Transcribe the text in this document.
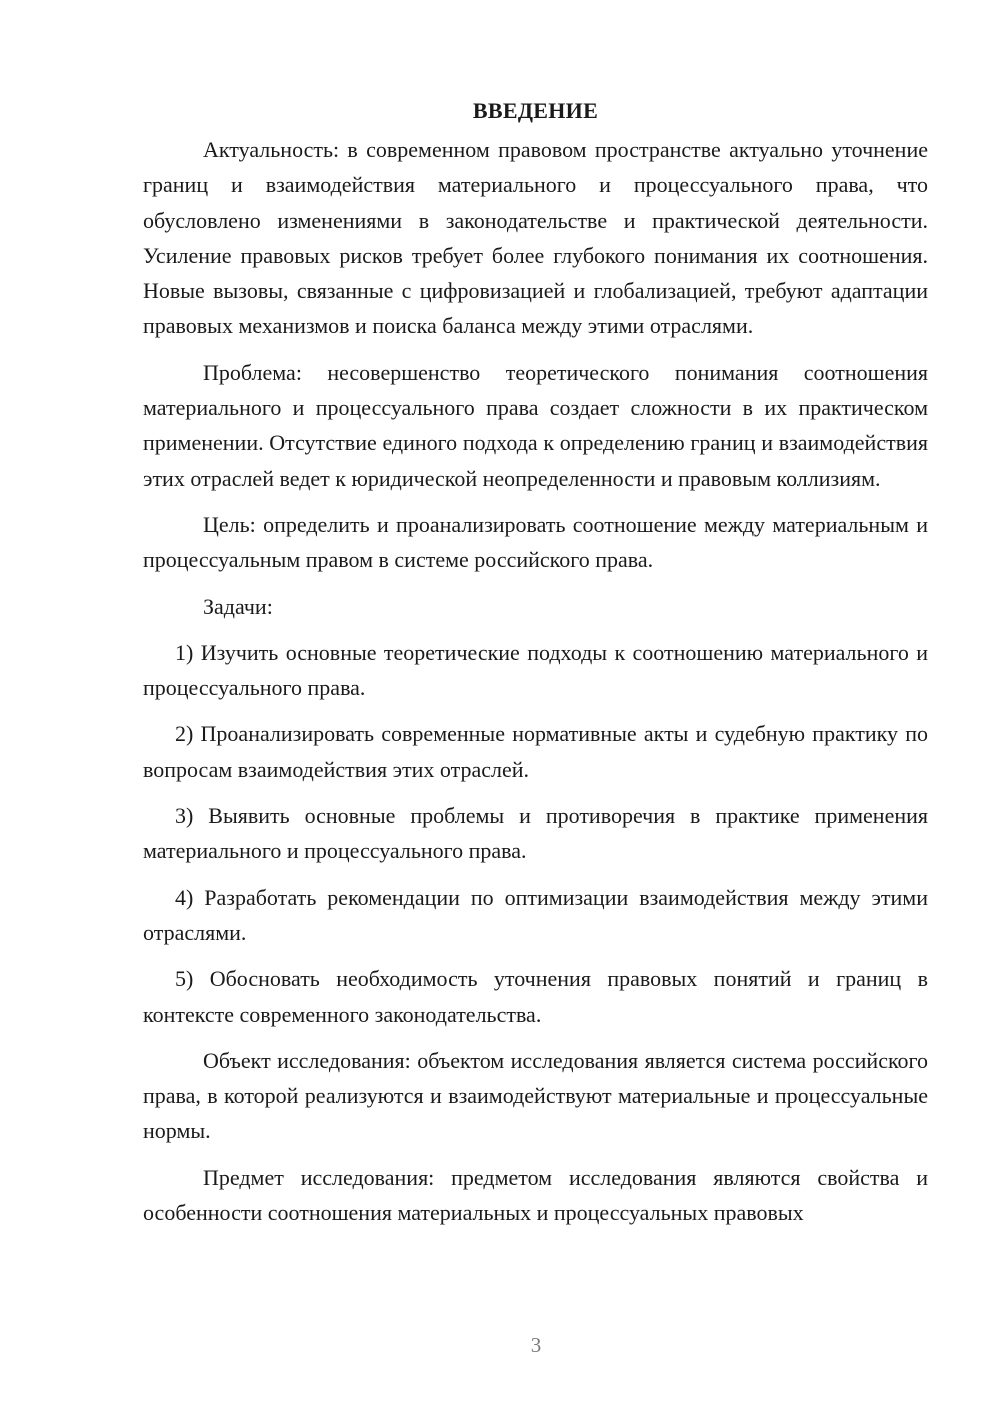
ВВЕДЕНИЕ

Актуальность: в современном правовом пространстве актуально уточнение границ и взаимодействия материального и процессуального права, что обусловлено изменениями в законодательстве и практической деятельности. Усиление правовых рисков требует более глубокого понимания их соотношения. Новые вызовы, связанные с цифровизацией и глобализацией, требуют адаптации правовых механизмов и поиска баланса между этими отраслями.

Проблема: несовершенство теоретического понимания соотношения материального и процессуального права создает сложности в их практическом применении. Отсутствие единого подхода к определению границ и взаимодействия этих отраслей ведет к юридической неопределенности и правовым коллизиям.

Цель: определить и проанализировать соотношение между материальным и процессуальным правом в системе российского права.

Задачи:

1) Изучить основные теоретические подходы к соотношению материального и процессуального права.

2) Проанализировать современные нормативные акты и судебную практику по вопросам взаимодействия этих отраслей.

3) Выявить основные проблемы и противоречия в практике применения материального и процессуального права.

4) Разработать рекомендации по оптимизации взаимодействия между этими отраслями.

5) Обосновать необходимость уточнения правовых понятий и границ в контексте современного законодательства.

Объект исследования: объектом исследования является система российского права, в которой реализуются и взаимодействуют материальные и процессуальные нормы.

Предмет исследования: предметом исследования являются свойства и особенности соотношения материальных и процессуальных правовых

3
